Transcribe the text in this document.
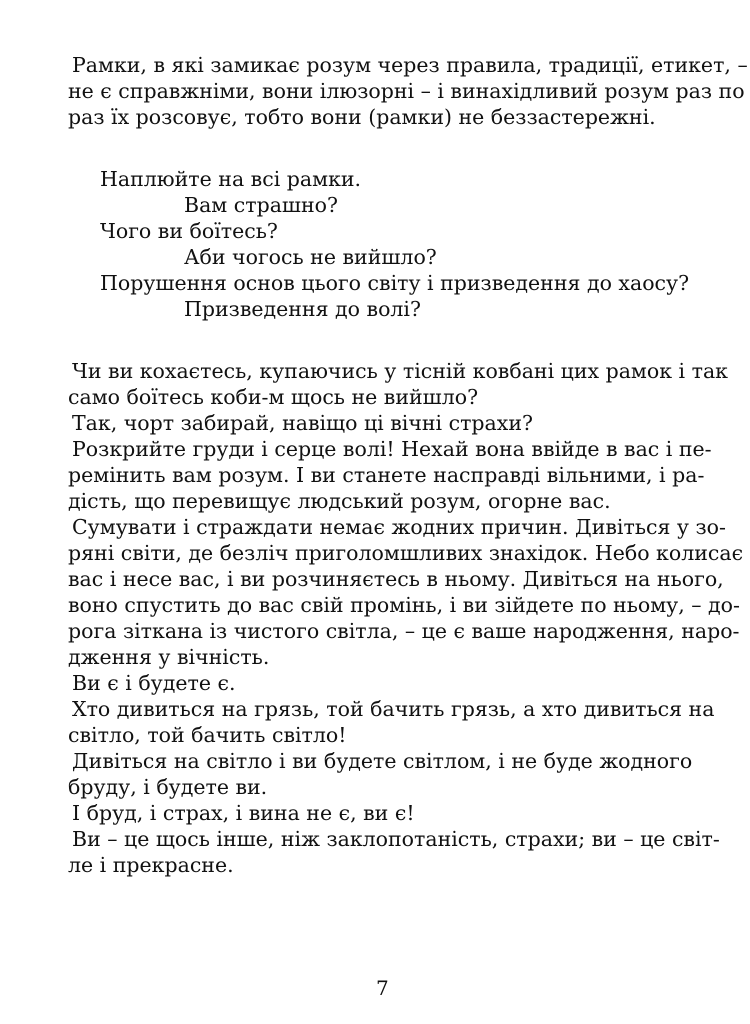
Рамки, в які замикає розум через правила, традиції, етикет, –
не є справжніми, вони ілюзорні – і винахідливий розум раз по
раз їх розсовує, тобто вони (рамки) не беззастережні.
Наплюйте на всі рамки.
Вам страшно?
Чого ви боїтесь?
Аби чогось не вийшло?
Порушення основ цього світу і призведення до хаосу?
Призведення до волі?
Чи ви кохаєтесь, купаючись у тісній ковбані цих рамок і так
само боїтесь коби-м щось не вийшло?
Так, чорт забирай, навіщо ці вічні страхи?
Розкрийте груди і серце волі! Нехай вона ввійде в вас і пе-
ремінить вам розум. І ви станете насправді вільними, і ра-
дість, що перевищує людський розум, огорне вас.
Сумувати і страждати немає жодних причин. Дивіться у зо-
ряні світи, де безліч приголомшливих знахідок. Небо колисає
вас і несе вас, і ви розчиняєтесь в ньому. Дивіться на нього,
воно спустить до вас свій промінь, і ви зійдете по ньому, – до-
рога зіткана із чистого світла, – це є ваше народження, наро-
дження у вічність.
Ви є і будете є.
Хто дивиться на грязь, той бачить грязь, а хто дивиться на
світло, той бачить світло!
Дивіться на світло і ви будете світлом, і не буде жодного
бруду, і будете ви.
І бруд, і страх, і вина не є, ви є!
Ви – це щось інше, ніж заклопотаність, страхи; ви – це світ-
ле і прекрасне.
7
